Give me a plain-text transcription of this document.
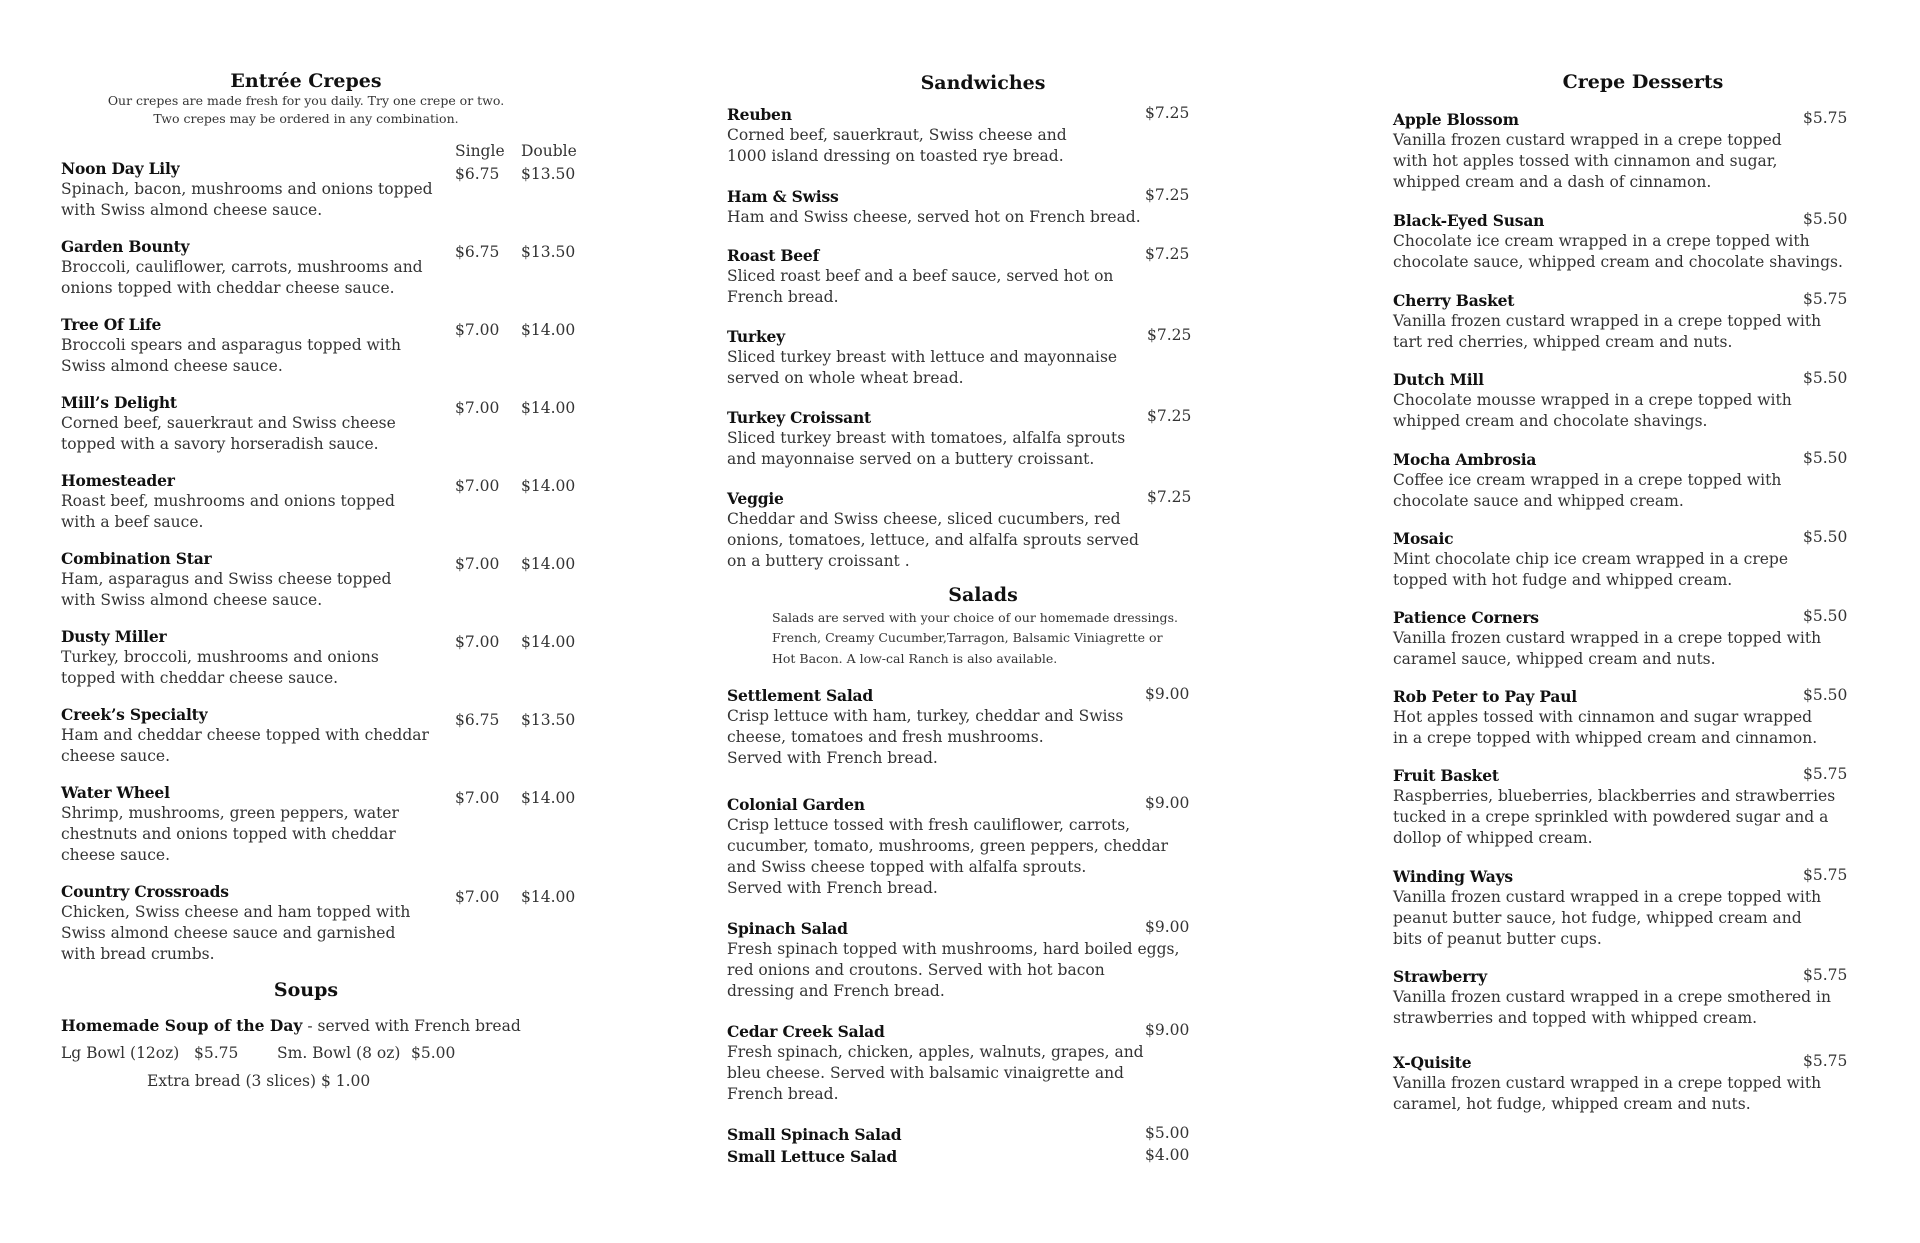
Entrée Crepes
Our crepes are made fresh for you daily. Try one crepe or two.
Two crepes may be ordered in any combination.
Single Double
Noon Day Lily
Spinach, bacon, mushrooms and onions topped
with Swiss almond cheese sauce.
$6.75 $13.50
Garden Bounty
Broccoli, cauliflower, carrots, mushrooms and
onions topped with cheddar cheese sauce.
$6.75 $13.50
Tree Of Life
Broccoli spears and asparagus topped with
Swiss almond cheese sauce.
$7.00 $14.00
Mill’s Delight
Corned beef, sauerkraut and Swiss cheese
topped with a savory horseradish sauce.
$7.00 $14.00
Homesteader
Roast beef, mushrooms and onions topped
with a beef sauce.
$7.00 $14.00
Combination Star
Ham, asparagus and Swiss cheese topped
with Swiss almond cheese sauce.
$7.00 $14.00
Dusty Miller
Turkey, broccoli, mushrooms and onions
topped with cheddar cheese sauce.
$7.00 $14.00
Creek’s Specialty
Ham and cheddar cheese topped with cheddar
cheese sauce.
$6.75 $13.50
Water Wheel
Shrimp, mushrooms, green peppers, water
chestnuts and onions topped with cheddar
cheese sauce.
$7.00 $14.00
Country Crossroads
Chicken, Swiss cheese and ham topped with
Swiss almond cheese sauce and garnished
with bread crumbs.
$7.00 $14.00
Soups
Homemade Soup of the Day - served with French bread
Lg Bowl (12oz) $5.75 Sm. Bowl (8 oz) $5.00
Extra bread (3 slices) $ 1.00
Sandwiches
Reuben
Corned beef, sauerkraut, Swiss cheese and
1000 island dressing on toasted rye bread.
$7.25
Ham & Swiss
Ham and Swiss cheese, served hot on French bread.
$7.25
Roast Beef
Sliced roast beef and a beef sauce, served hot on
French bread.
$7.25
Turkey
Sliced turkey breast with lettuce and mayonnaise
served on whole wheat bread.
$7.25
Turkey Croissant
Sliced turkey breast with tomatoes, alfalfa sprouts
and mayonnaise served on a buttery croissant.
$7.25
Veggie
Cheddar and Swiss cheese, sliced cucumbers, red
onions, tomatoes, lettuce, and alfalfa sprouts served
on a buttery croissant .
$7.25
Salads
Salads are served with your choice of our homemade dressings.
French, Creamy Cucumber,Tarragon, Balsamic Viniagrette or
Hot Bacon. A low-cal Ranch is also available.
Settlement Salad
Crisp lettuce with ham, turkey, cheddar and Swiss
cheese, tomatoes and fresh mushrooms.
Served with French bread.
$9.00
Colonial Garden
Crisp lettuce tossed with fresh cauliflower, carrots,
cucumber, tomato, mushrooms, green peppers, cheddar
and Swiss cheese topped with alfalfa sprouts.
Served with French bread.
$9.00
Spinach Salad
Fresh spinach topped with mushrooms, hard boiled eggs,
red onions and croutons. Served with hot bacon
dressing and French bread.
$9.00
Cedar Creek Salad
Fresh spinach, chicken, apples, walnuts, grapes, and
bleu cheese. Served with balsamic vinaigrette and
French bread.
$9.00
Small Spinach Salad	$5.00
Small Lettuce Salad	$4.00
Crepe Desserts
Apple Blossom
Vanilla frozen custard wrapped in a crepe topped
with hot apples tossed with cinnamon and sugar,
whipped cream and a dash of cinnamon.
$5.75
Black-Eyed Susan
Chocolate ice cream wrapped in a crepe topped with
chocolate sauce, whipped cream and chocolate shavings.
$5.50
Cherry Basket
Vanilla frozen custard wrapped in a crepe topped with
tart red cherries, whipped cream and nuts.
$5.75
Dutch Mill
Chocolate mousse wrapped in a crepe topped with
whipped cream and chocolate shavings.
$5.50
Mocha Ambrosia
Coffee ice cream wrapped in a crepe topped with
chocolate sauce and whipped cream.
$5.50
Mosaic
Mint chocolate chip ice cream wrapped in a crepe
topped with hot fudge and whipped cream.
$5.50
Patience Corners
Vanilla frozen custard wrapped in a crepe topped with
caramel sauce, whipped cream and nuts.
$5.50
Rob Peter to Pay Paul
Hot apples tossed with cinnamon and sugar wrapped
in a crepe topped with whipped cream and cinnamon.
$5.50
Fruit Basket
Raspberries, blueberries, blackberries and strawberries
tucked in a crepe sprinkled with powdered sugar and a
dollop of whipped cream.
$5.75
Winding Ways
Vanilla frozen custard wrapped in a crepe topped with
peanut butter sauce, hot fudge, whipped cream and
bits of peanut butter cups.
$5.75
Strawberry
Vanilla frozen custard wrapped in a crepe smothered in
strawberries and topped with whipped cream.
$5.75
X-Quisite
Vanilla frozen custard wrapped in a crepe topped with
caramel, hot fudge, whipped cream and nuts.
$5.75
